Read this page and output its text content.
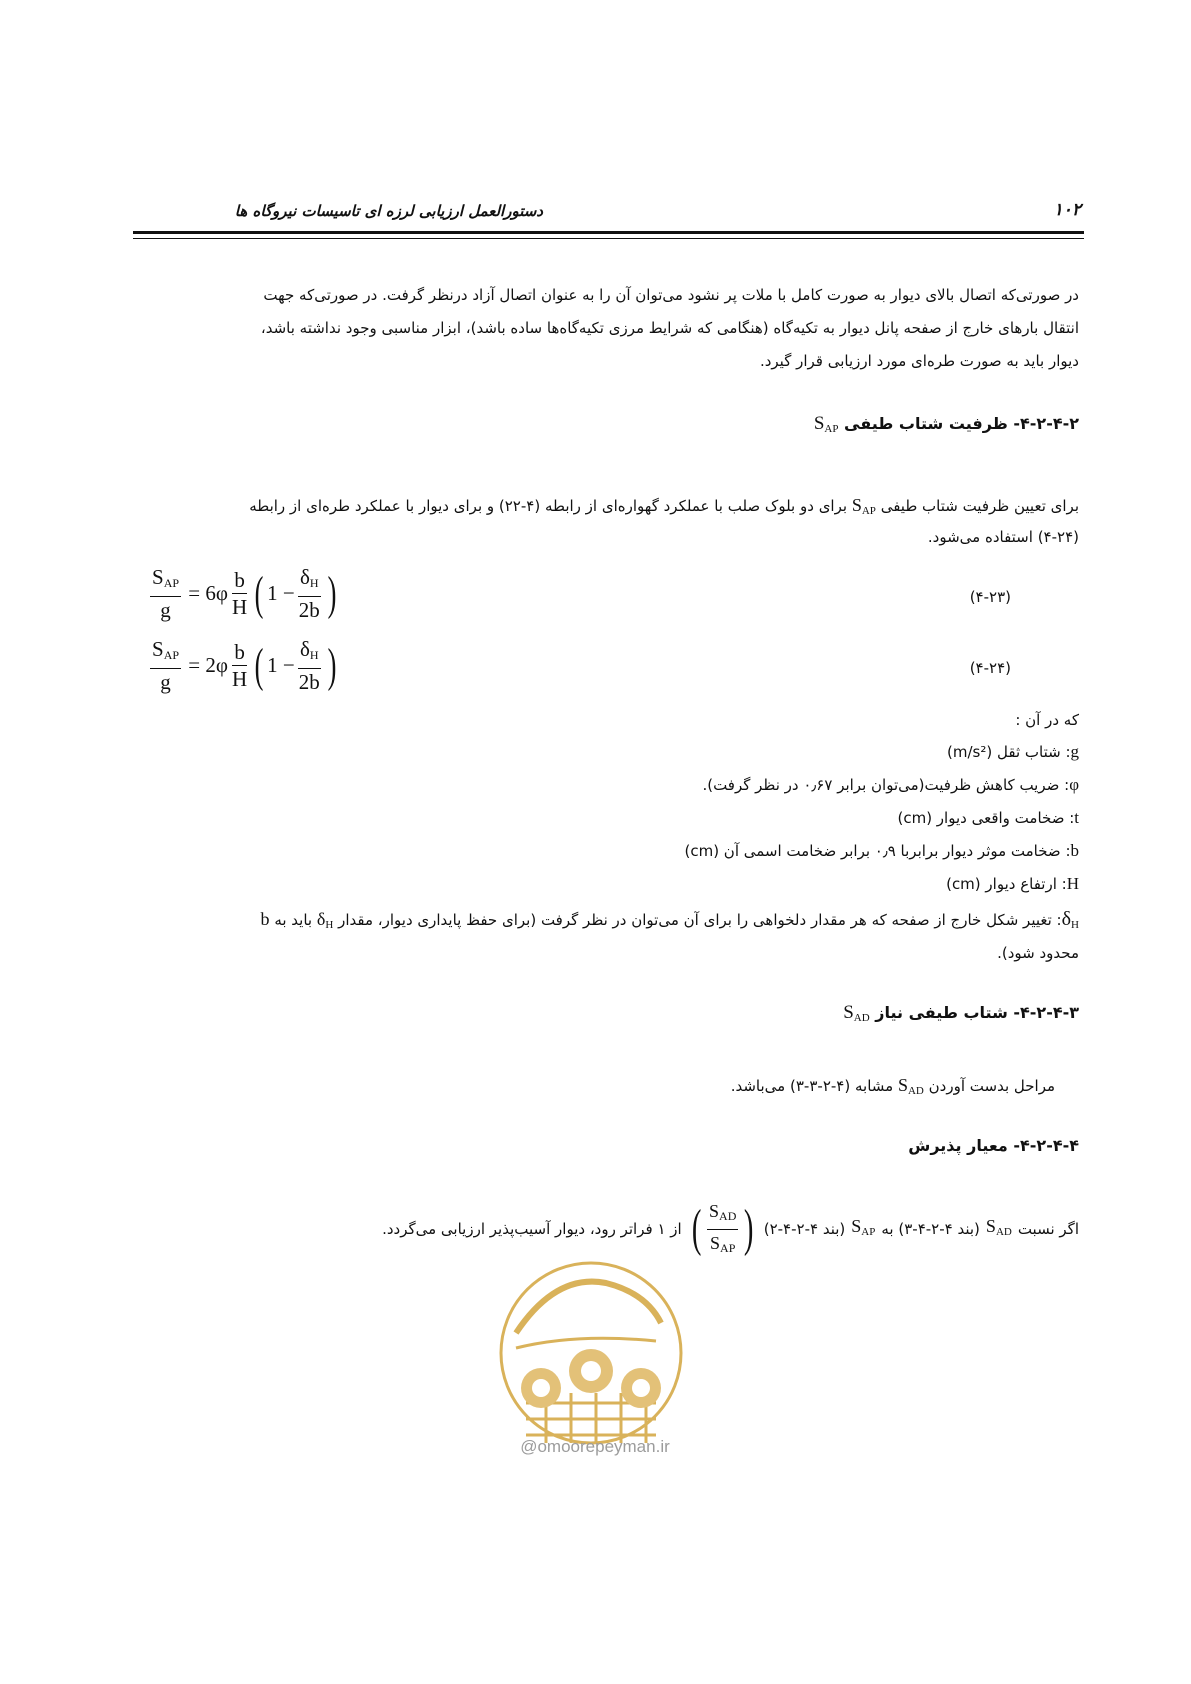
دستورالعمل ارزیابی لرزه ای تاسیسات نیروگاه ها	۱۰۲
در صورتی‌که اتصال بالای دیوار به صورت کامل با ملات پر نشود می‌توان آن را به عنوان اتصال آزاد درنظر گرفت. در صورتی‌که جهت
انتقال بارهای خارج از صفحه پانل دیوار به تکیه‌گاه (هنگامی که شرایط مرزی تکیه‌گاه‌ها ساده باشد)، ابزار مناسبی وجود نداشته باشد،
دیوار باید به صورت طره‌ای مورد ارزیابی قرار گیرد.
۴-۲-۴-۲- ظرفیت شتاب طیفی $S_{AP}$
برای تعیین ظرفیت شتاب طیفی $S_{AP}$ برای دو بلوک صلب با عملکرد گهواره‌ای از رابطه (۴-۲۲) و برای دیوار با عملکرد طره‌ای از رابطه
(۴-۲۴) استفاده می‌شود.
$\frac{S_{AP}}{g} = 6\varphi \frac{b}{H}$ ( $1 - \frac{\delta_H}{2b}$ )	(۴-۲۳)
$\frac{S_{AP}}{g} = 2\varphi \frac{b}{H}$ ( $1 - \frac{\delta_H}{2b}$ )	(۴-۲۴)
که در آن :
g: شتاب ثقل (m/s²)
φ: ضریب کاهش ظرفیت(می‌توان برابر ۰٫۶۷ در نظر گرفت).
t: ضخامت واقعی دیوار (cm)
b: ضخامت موثر دیوار برابربا ۰٫۹ برابر ضخامت اسمی آن (cm)
H: ارتفاع دیوار (cm)
$\delta_H$: تغییر شکل خارج از صفحه که هر مقدار دلخواهی را برای آن می‌توان در نظر گرفت (برای حفظ پایداری دیوار، مقدار $\delta_H$ باید به b
محدود شود).
۴-۲-۴-۳- شتاب طیفی نیاز $S_{AD}$
مراحل بدست آوردن $S_{AD}$ مشابه (۴-۲-۳-۳) می‌باشد.
۴-۲-۴-۴- معیار پذیرش
اگر نسبت
$S_{AD}$
(بند ۴-۲-۴-۳) به
$S_{AP}$
(بند ۴-۲-۴-۲)
( $\frac{S_{AD}}{S_{AP}}$ )
از ۱ فراتر رود، دیوار آسیب‌پذیر ارزیابی می‌گردد.
@omoorepeyman.ir
